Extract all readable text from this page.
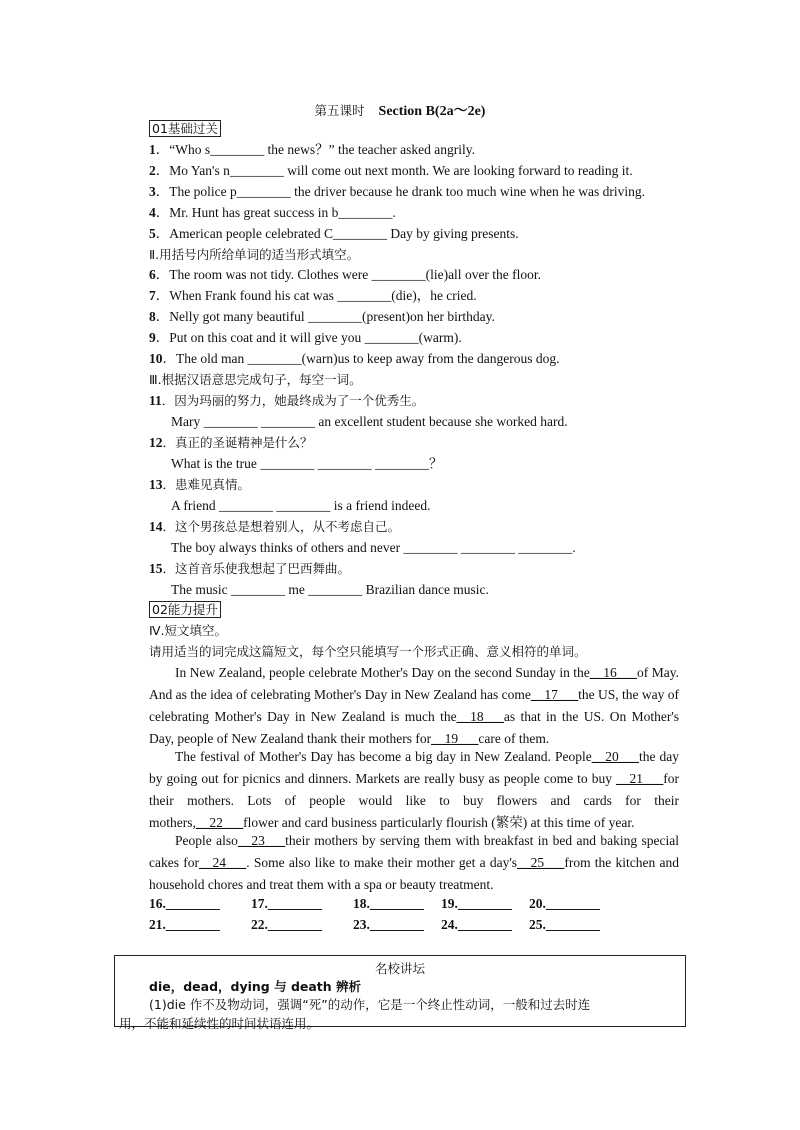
第五课时 Section B(2a～2e)
01基础过关
1．“Who s________ the news？” the teacher asked angrily.
2．Mo Yan's n________ will come out next month. We are looking forward to reading it.
3．The police p________ the driver because he drank too much wine when he was driving.
4．Mr. Hunt has great success in b________.
5．American people celebrated C________ Day by giving presents.
Ⅱ.用括号内所给单词的适当形式填空。
6．The room was not tidy. Clothes were ________(lie)all over the floor.
7．When Frank found his cat was ________(die)，he cried.
8．Nelly got many beautiful ________(present)on her birthday.
9．Put on this coat and it will give you ________(warm).
10．The old man ________(warn)us to keep away from the dangerous dog.
Ⅲ.根据汉语意思完成句子，每空一词。
11．因为玛丽的努力，她最终成为了一个优秀生。
Mary ________ ________ an excellent student because she worked hard.
12．真正的圣诞精神是什么？
What is the true ________ ________ ________？
13．患难见真情。
A friend ________ ________ is a friend indeed.
14．这个男孩总是想着别人，从不考虑自己。
The boy always thinks of others and never ________ ________ ________.
15．这首音乐使我想起了巴西舞曲。
The music ________ me ________ Brazilian dance music.
02能力提升
Ⅳ.短文填空。
请用适当的词完成这篇短文，每个空只能填写一个形式正确、意义相符的单词。
In New Zealand, people celebrate Mother's Day on the second Sunday in the__16___of May. And as the idea of celebrating Mother's Day in New Zealand has come__17___the US, the way of celebrating Mother's Day in New Zealand is much the__18___as that in the US. On Mother's Day, people of New Zealand thank their mothers for__19___care of them.
The festival of Mother's Day has become a big day in New Zealand. People__20___the day by going out for picnics and dinners. Markets are really busy as people come to buy __21___for their mothers. Lots of people would like to buy flowers and cards for their mothers,__22___flower and card business particularly flourish (繁荣) at this time of year.
People also__23___their mothers by serving them with breakfast in bed and baking special cakes for__24___. Some also like to make their mother get a day's__25___from the kitchen and household chores and treat them with a spa or beauty treatment.
16.________ 17.________ 18.________ 19.________ 20.________
21.________ 22.________ 23.________ 24.________ 25.________
名校讲坛
die，dead，dying 与 death 辨析
(1)die 作不及物动词，强调“死”的动作，它是一个终止性动词，一般和过去时连
用，不能和延续性的时间状语连用。
